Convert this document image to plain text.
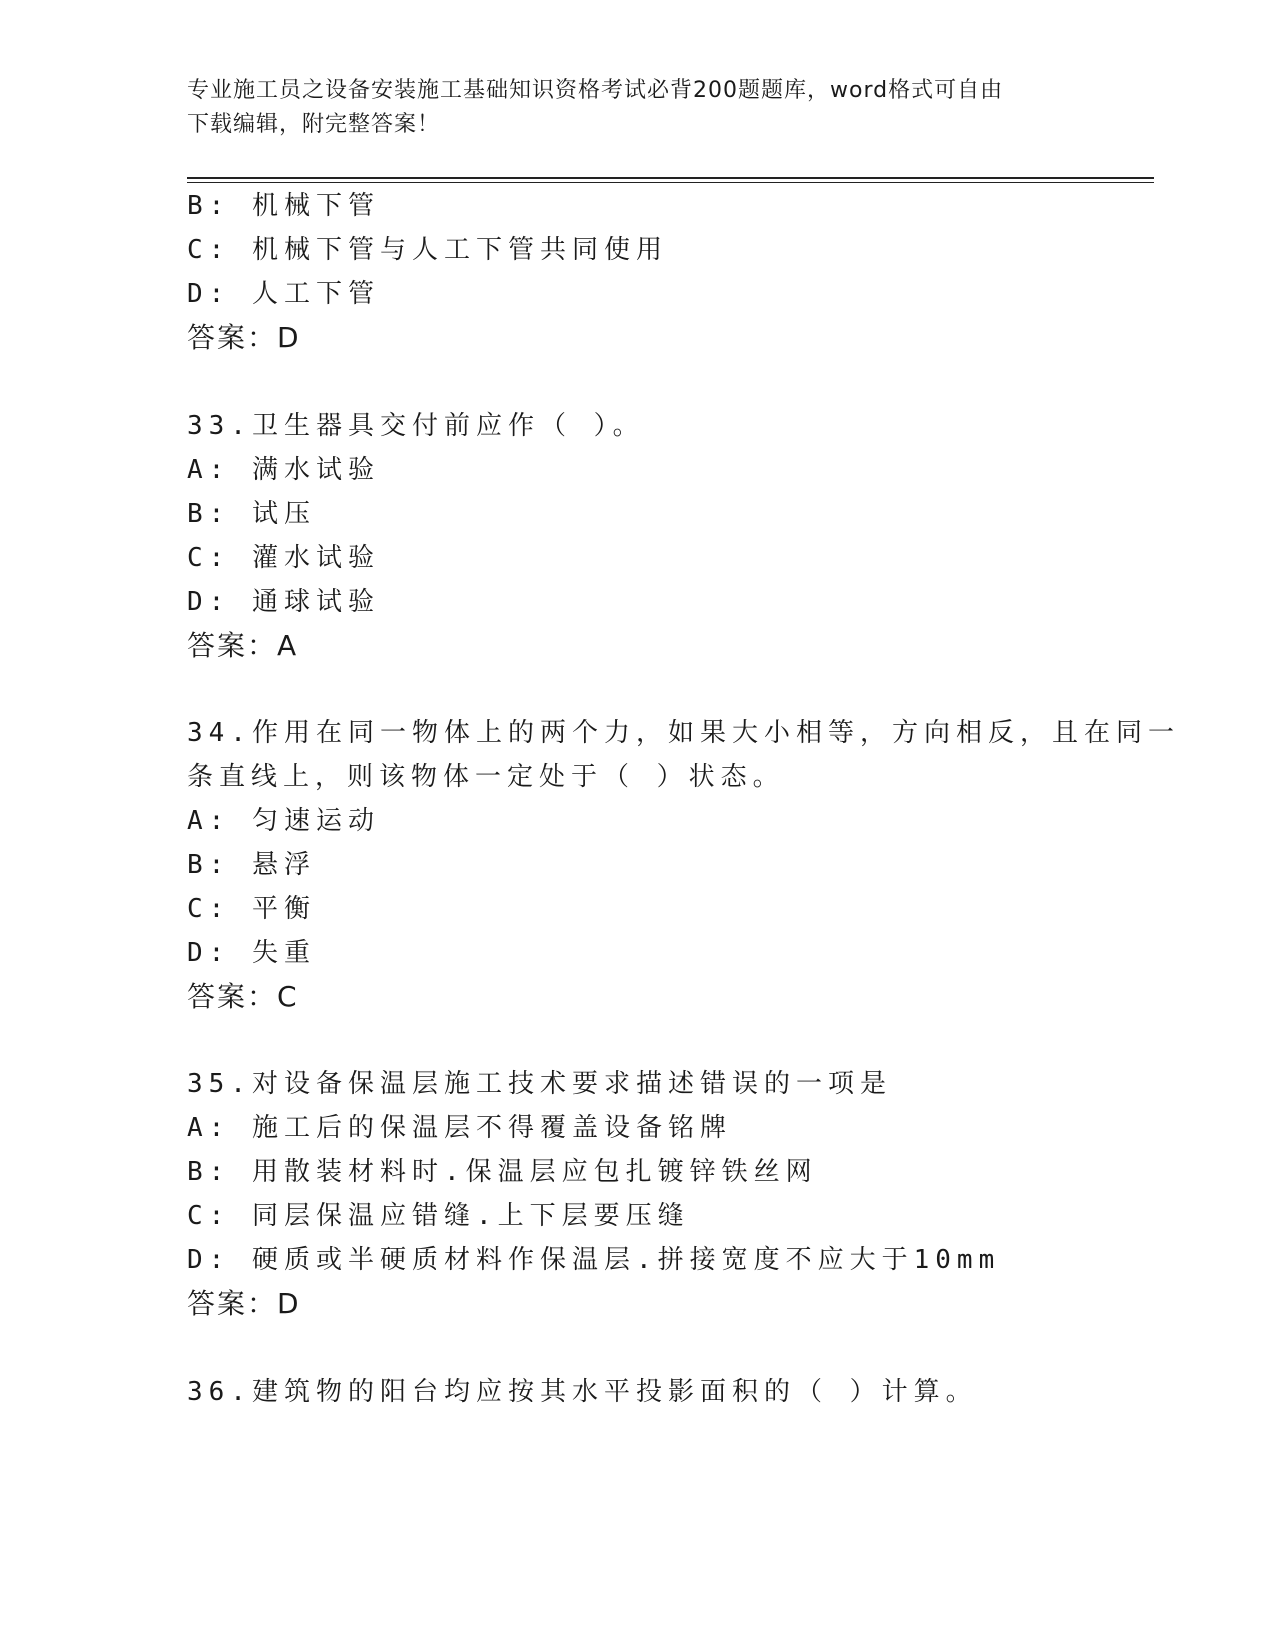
专业施工员之设备安装施工基础知识资格考试必背200题题库，word格式可自由
下载编辑，附完整答案！
B: 机械下管
C: 机械下管与人工下管共同使用
D: 人工下管
答案：D
33.卫生器具交付前应作（ ）。
A: 满水试验
B: 试压
C: 灌水试验
D: 通球试验
答案：A
34.作用在同一物体上的两个力，如果大小相等，方向相反，且在同一
条直线上，则该物体一定处于（ ）状态。
A: 匀速运动
B: 悬浮
C: 平衡
D: 失重
答案：C
35.对设备保温层施工技术要求描述错误的一项是
A: 施工后的保温层不得覆盖设备铭牌
B: 用散装材料时.保温层应包扎镀锌铁丝网
C: 同层保温应错缝.上下层要压缝
D: 硬质或半硬质材料作保温层.拼接宽度不应大于10mm
答案：D
36.建筑物的阳台均应按其水平投影面积的（ ）计算。
